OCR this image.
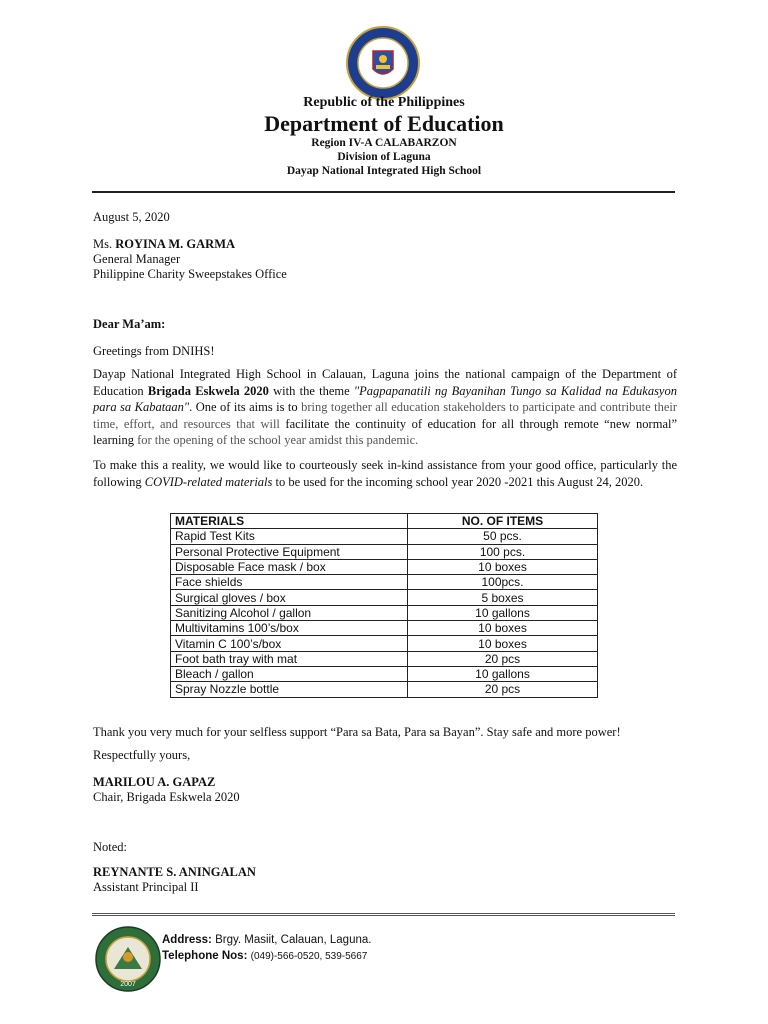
Republic of the Philippines
Department of Education
Region IV-A CALABARZON
Division of Laguna
Dayap National Integrated High School
August 5, 2020
Ms. ROYINA M. GARMA
General Manager
Philippine Charity Sweepstakes Office
Dear Ma’am:
Greetings from DNIHS!
Dayap National Integrated High School in Calauan, Laguna joins the national campaign of the Department of Education Brigada Eskwela 2020 with the theme "Pagpapanatili ng Bayanihan Tungo sa Kalidad na Edukasyon para sa Kabataan". One of its aims is to bring together all education stakeholders to participate and contribute their time, effort, and resources that will facilitate the continuity of education for all through remote “new normal” learning for the opening of the school year amidst this pandemic.
To make this a reality, we would like to courteously seek in-kind assistance from your good office, particularly the following COVID-related materials to be used for the incoming school year 2020 -2021 this August 24, 2020.
MATERIALS	NO. OF ITEMS
Rapid Test Kits	50 pcs.
Personal Protective Equipment	100 pcs.
Disposable Face mask / box	10 boxes
Face shields	100pcs.
Surgical gloves / box	5 boxes
Sanitizing Alcohol / gallon	10 gallons
Multivitamins 100’s/box	10 boxes
Vitamin C 100’s/box	10 boxes
Foot bath tray with mat	20 pcs
Bleach / gallon	10 gallons
Spray Nozzle bottle	20 pcs
Thank you very much for your selfless support “Para sa Bata, Para sa Bayan”. Stay safe and more power!
Respectfully yours,
MARILOU A. GAPAZ
Chair, Brigada Eskwela 2020
Noted:
REYNANTE S. ANINGALAN
Assistant Principal II
2007
Address: Brgy. Masiit, Calauan, Laguna.
Telephone Nos: (049)-566-0520, 539-5667
